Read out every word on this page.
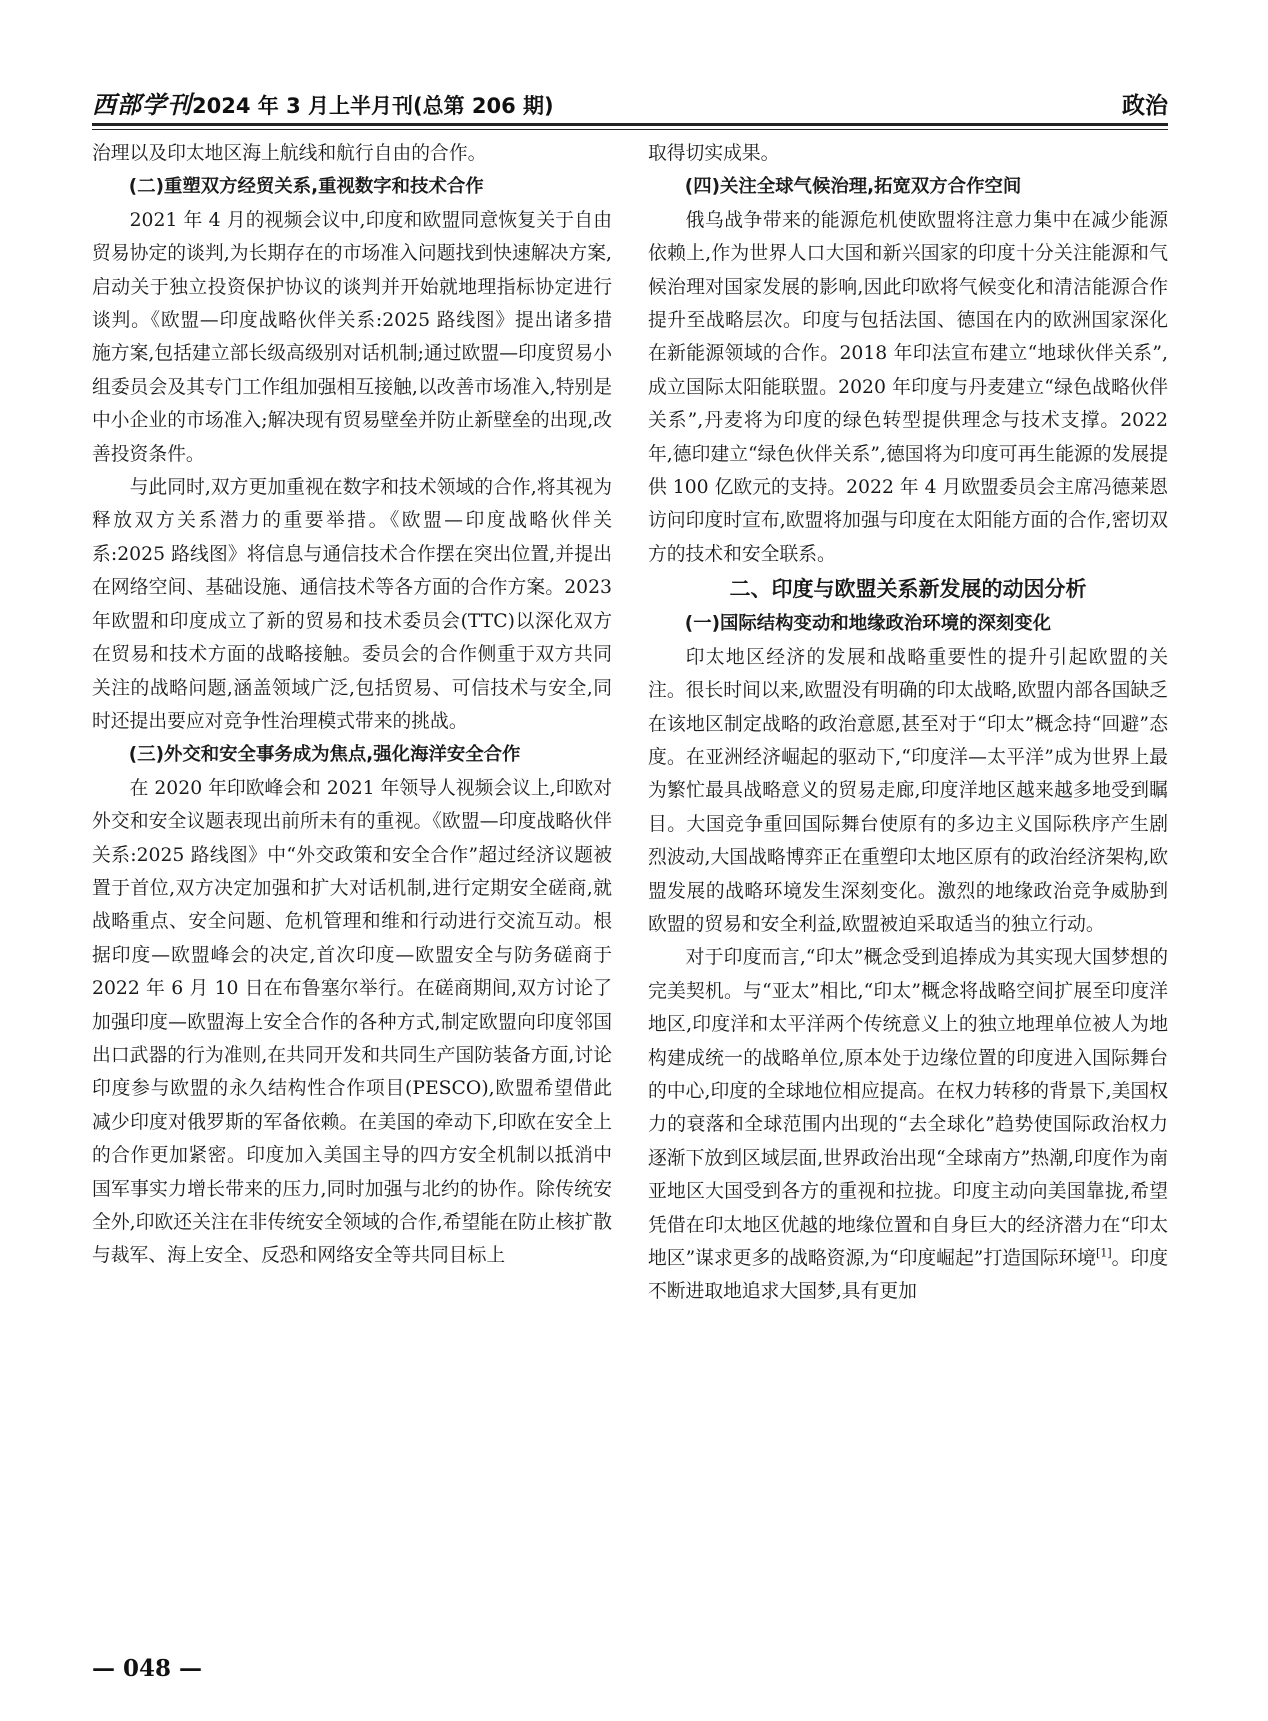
西部学刊 2024 年 3 月上半月刊(总第 206 期)	政治

治理以及印太地区海上航线和航行自由的合作。

(二)重塑双方经贸关系,重视数字和技术合作

2021 年 4 月的视频会议中,印度和欧盟同意恢复关于自由贸易协定的谈判,为长期存在的市场准入问题找到快速解决方案,启动关于独立投资保护协议的谈判并开始就地理指标协定进行谈判。《欧盟—印度战略伙伴关系:2025 路线图》提出诸多措施方案,包括建立部长级高级别对话机制;通过欧盟—印度贸易小组委员会及其专门工作组加强相互接触,以改善市场准入,特别是中小企业的市场准入;解决现有贸易壁垒并防止新壁垒的出现,改善投资条件。

与此同时,双方更加重视在数字和技术领域的合作,将其视为释放双方关系潜力的重要举措。《欧盟—印度战略伙伴关系:2025 路线图》将信息与通信技术合作摆在突出位置,并提出在网络空间、基础设施、通信技术等各方面的合作方案。2023 年欧盟和印度成立了新的贸易和技术委员会(TTC)以深化双方在贸易和技术方面的战略接触。委员会的合作侧重于双方共同关注的战略问题,涵盖领域广泛,包括贸易、可信技术与安全,同时还提出要应对竞争性治理模式带来的挑战。

(三)外交和安全事务成为焦点,强化海洋安全合作

在 2020 年印欧峰会和 2021 年领导人视频会议上,印欧对外交和安全议题表现出前所未有的重视。《欧盟—印度战略伙伴关系:2025 路线图》中“外交政策和安全合作”超过经济议题被置于首位,双方决定加强和扩大对话机制,进行定期安全磋商,就战略重点、安全问题、危机管理和维和行动进行交流互动。根据印度—欧盟峰会的决定,首次印度—欧盟安全与防务磋商于 2022 年 6 月 10 日在布鲁塞尔举行。在磋商期间,双方讨论了加强印度—欧盟海上安全合作的各种方式,制定欧盟向印度邻国出口武器的行为准则,在共同开发和共同生产国防装备方面,讨论印度参与欧盟的永久结构性合作项目(PESCO),欧盟希望借此减少印度对俄罗斯的军备依赖。在美国的牵动下,印欧在安全上的合作更加紧密。印度加入美国主导的四方安全机制以抵消中国军事实力增长带来的压力,同时加强与北约的协作。除传统安全外,印欧还关注在非传统安全领域的合作,希望能在防止核扩散与裁军、海上安全、反恐和网络安全等共同目标上

取得切实成果。

(四)关注全球气候治理,拓宽双方合作空间

俄乌战争带来的能源危机使欧盟将注意力集中在减少能源依赖上,作为世界人口大国和新兴国家的印度十分关注能源和气候治理对国家发展的影响,因此印欧将气候变化和清洁能源合作提升至战略层次。印度与包括法国、德国在内的欧洲国家深化在新能源领域的合作。2018 年印法宣布建立“地球伙伴关系”,成立国际太阳能联盟。2020 年印度与丹麦建立“绿色战略伙伴关系”,丹麦将为印度的绿色转型提供理念与技术支撑。2022 年,德印建立“绿色伙伴关系”,德国将为印度可再生能源的发展提供 100 亿欧元的支持。2022 年 4 月欧盟委员会主席冯德莱恩访问印度时宣布,欧盟将加强与印度在太阳能方面的合作,密切双方的技术和安全联系。

二、印度与欧盟关系新发展的动因分析

(一)国际结构变动和地缘政治环境的深刻变化

印太地区经济的发展和战略重要性的提升引起欧盟的关注。很长时间以来,欧盟没有明确的印太战略,欧盟内部各国缺乏在该地区制定战略的政治意愿,甚至对于“印太”概念持“回避”态度。在亚洲经济崛起的驱动下,“印度洋—太平洋”成为世界上最为繁忙最具战略意义的贸易走廊,印度洋地区越来越多地受到瞩目。大国竞争重回国际舞台使原有的多边主义国际秩序产生剧烈波动,大国战略博弈正在重塑印太地区原有的政治经济架构,欧盟发展的战略环境发生深刻变化。激烈的地缘政治竞争威胁到欧盟的贸易和安全利益,欧盟被迫采取适当的独立行动。

对于印度而言,“印太”概念受到追捧成为其实现大国梦想的完美契机。与“亚太”相比,“印太”概念将战略空间扩展至印度洋地区,印度洋和太平洋两个传统意义上的独立地理单位被人为地构建成统一的战略单位,原本处于边缘位置的印度进入国际舞台的中心,印度的全球地位相应提高。在权力转移的背景下,美国权力的衰落和全球范围内出现的“去全球化”趋势使国际政治权力逐渐下放到区域层面,世界政治出现“全球南方”热潮,印度作为南亚地区大国受到各方的重视和拉拢。印度主动向美国靠拢,希望凭借在印太地区优越的地缘位置和自身巨大的经济潜力在“印太地区”谋求更多的战略资源,为“印度崛起”打造国际环境[1]。印度不断进取地追求大国梦,具有更加

— 048 —
